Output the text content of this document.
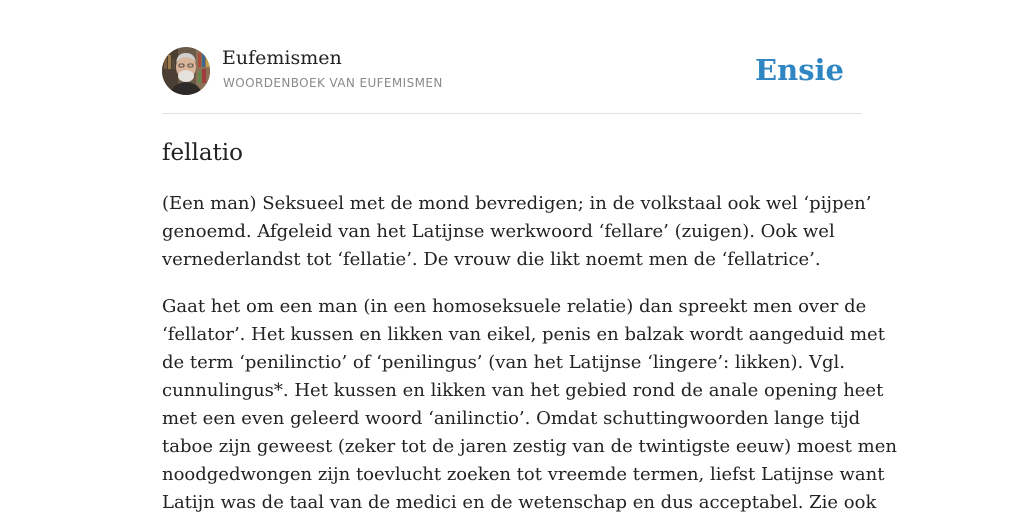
Eufemismen
WOORDENBOEK VAN EUFEMISMEN	Ensie
fellatio

(Een man) Seksueel met de mond bevredigen; in de volkstaal ook wel ‘pijpen’
genoemd. Afgeleid van het Latijnse werkwoord ‘fellare’ (zuigen). Ook wel
vernederlandst tot ‘fellatie’. De vrouw die likt noemt men de ‘fellatrice’.

Gaat het om een man (in een homoseksuele relatie) dan spreekt men over de
‘fellator’. Het kussen en likken van eikel, penis en balzak wordt aangeduid met
de term ‘penilinctio’ of ‘penilingus’ (van het Latijnse ‘lingere’: likken). Vgl.
cunnulingus*. Het kussen en likken van het gebied rond de anale opening heet
met een even geleerd woord ‘anilinctio’. Omdat schuttingwoorden lange tijd
taboe zijn geweest (zeker tot de jaren zestig van de twintigste eeuw) moest men
noodgedwongen zijn toevlucht zoeken tot vreemde termen, liefst Latijnse want
Latijn was de taal van de medici en de wetenschap en dus acceptabel. Zie ook
